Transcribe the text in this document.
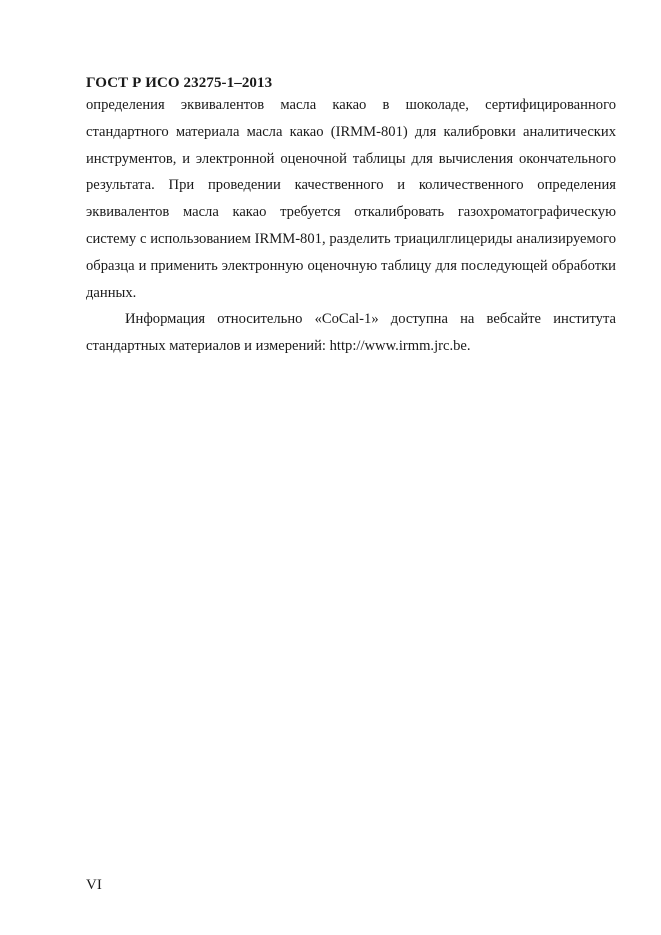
ГОСТ Р ИСО 23275-1–2013

определения эквивалентов масла какао в шоколаде, сертифицированного стандартного материала масла какао (IRMM-801) для калибровки аналитических инструментов, и электронной оценочной таблицы для вычисления окончательного результата. При проведении качественного и количественного определения эквивалентов масла какао требуется откалибровать газохроматографическую систему с использованием IRMM-801, разделить триацилглицериды анализируемого образца и применить электронную оценочную таблицу для последующей обработки данных.

Информация относительно «CoCal-1» доступна на вебсайте института стандартных материалов и измерений: http://www.irmm.jrc.be.

VI
